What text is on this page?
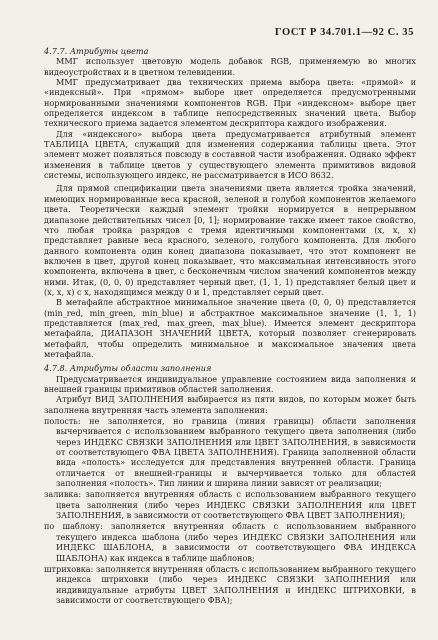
ГОСТ Р 34.701.1—92 С. 35

4.7.7. Атрибуты цвета

ММГ использует цветовую модель добавок RGB, применяемую во многих видеоустройствах и в цветном телевидении.

ММГ предусматривает два технических приема выбора цвета: «прямой» и «индексный». При «прямом» выборе цвет определяется предусмотренными нормированными значениями компонентов RGB. При «индексном» выборе цвет определяется индексом в таблице непосредственных значений цвета. Выбор технического приема задается элементом дескриптора каждого изображения.

Для «индексного» выбора цвета предусматривается атрибутный элемент ТАБЛИЦА ЦВЕТА, служащий для изменения содержания таблицы цвета. Этот элемент может появляться повсюду в составной части изображения. Однако эффект изменения в таблице цветов у существующего элемента примитивов видовой системы, использующего индекс, не рассматривается в ИСО 8632.

Для прямой спецификации цвета значениями цвета является тройка значений, имеющих нормированные веса красной, зеленой и голубой компонентов желаемого цвета. Теоретически каждый элемент тройки нормируется в непрерывном диапазоне действительных чисел [0, 1]; нормирование также имеет такое свойство, что любая тройка разрядов с тремя идентичными компонентами (х, х, х) представляет равные веса красного, зеленого, голубого компонента. Для любого данного компонента один конец диапазона показывает, что этот компонент не включен в цвет, другой конец показывает, что максимальная интенсивность этого компонента, включена в цвет, с бесконечным числом значений компонентов между ними. Итак, (0, 0, 0) представляет черный цвет, (1, 1, 1) представляет белый цвет и (х, х, х) с х, находящимся между 0 и 1, представляет серый цвет.

В метафайле абстрактное минимальное значение цвета (0, 0, 0) представляется (min_red, min_green, min_blue) и абстрактное максимальное значение (1, 1, 1) представляется (max_red, max_green, max_blue). Имеется элемент дескриптора метафайла, ДИАПАЗОН ЗНАЧЕНИЙ ЦВЕТА, который позволяет сгенерировать метафайл, чтобы определить минимальное и максимальное значения цвета метафайла.

4.7.8. Атрибуты области заполнения

Предусматривается индивидуальное управление состоянием вида заполнения и внешней границы примитивов областей заполнения.

Атрибут ВИД ЗАПОЛНЕНИЯ выбирается из пяти видов, по которым может быть заполнена внутренняя часть элемента заполнения:

полость: не заполняется, но граница (линия границы) области заполнения вычерчивается с использованием выбранного текущего цвета заполнения (либо через ИНДЕКС СВЯЗКИ ЗАПОЛНЕНИЯ или ЦВЕТ ЗАПОЛНЕНИЯ, в зависимости от соответствующего ФВА ЦВЕТА ЗАПОЛНЕНИЯ). Граница заполненной области вида «полость» исследуется для представления внутренней области. Граница отличается от внешней-границы и вычерчивается только для областей заполнения «полость». Тип линии и ширина линии зависят от реализации;

заливка: заполняется внутренняя область с использованием выбранного текущего цвета заполнения (либо через ИНДЕКС СВЯЗКИ ЗАПОЛНЕНИЯ или ЦВЕТ ЗАПОЛНЕНИЯ, в зависимости от соответствующего ФВА ЦВЕТ ЗАПОЛНЕНИЯ);

по шаблону: заполняется внутренняя область с использованием выбранного текущего индекса шаблона (либо через ИНДЕКС СВЯЗКИ ЗАПОЛНЕНИЯ или ИНДЕКС ШАБЛОНА, в зависимости от соответствующего ФВА ИНДЕКСА ШАБЛОНА) как индекса в таблице шаблонов;

штриховка: заполняется внутренняя область с использованием выбранного текущего индекса штриховки (либо через ИНДЕКС СВЯЗКИ ЗАПОЛНЕНИЯ или индивидуальные атрибуты ЦВЕТ ЗАПОЛНЕНИЯ и ИНДЕКС ШТРИХОВКИ, в зависимости от соответствующего ФВА);
